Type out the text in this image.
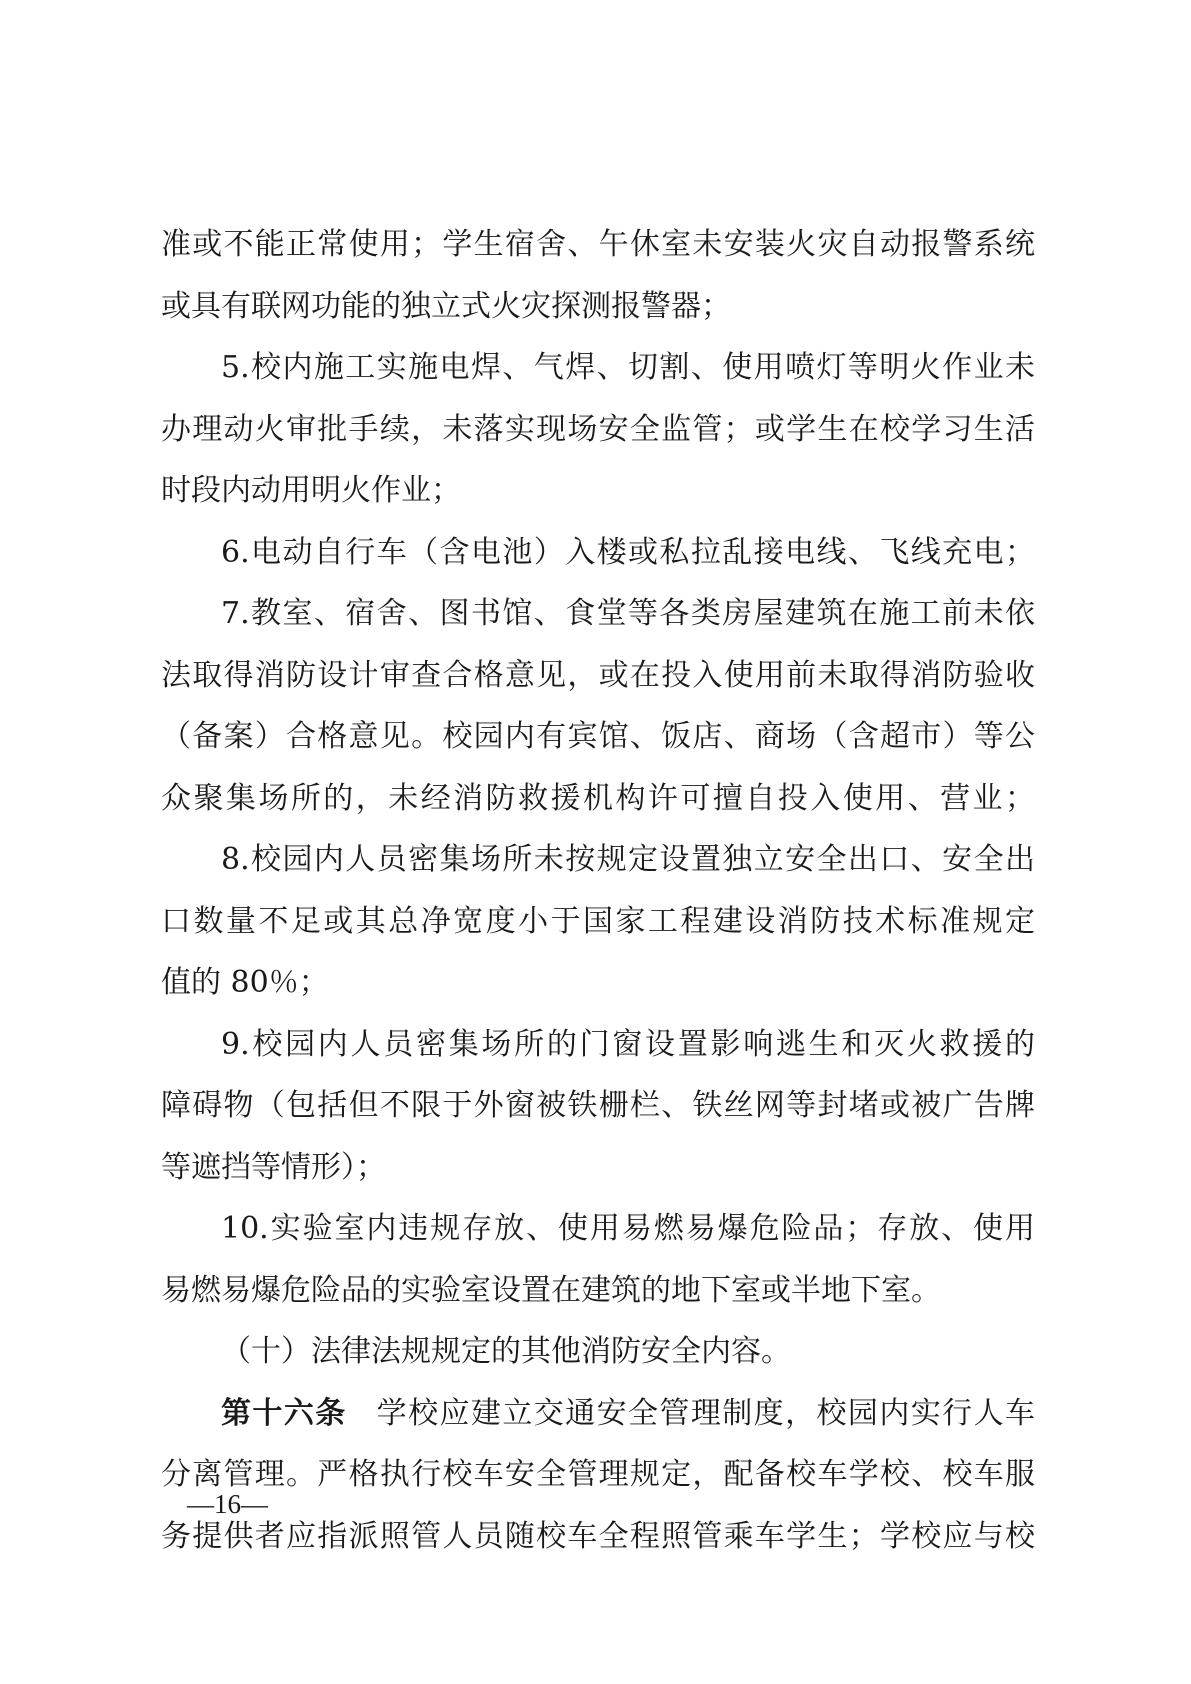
准或不能正常使用；学生宿舍、午休室未安装火灾自动报警系统
或具有联网功能的独立式火灾探测报警器；
5.校内施工实施电焊、气焊、切割、使用喷灯等明火作业未
办理动火审批手续，未落实现场安全监管；或学生在校学习生活
时段内动用明火作业；
6.电动自行车（含电池）入楼或私拉乱接电线、飞线充电；
7.教室、宿舍、图书馆、食堂等各类房屋建筑在施工前未依
法取得消防设计审查合格意见，或在投入使用前未取得消防验收
（备案）合格意见。校园内有宾馆、饭店、商场（含超市）等公
众聚集场所的，未经消防救援机构许可擅自投入使用、营业；
8.校园内人员密集场所未按规定设置独立安全出口、安全出
口数量不足或其总净宽度小于国家工程建设消防技术标准规定
值的 80％；
9.校园内人员密集场所的门窗设置影响逃生和灭火救援的
障碍物（包括但不限于外窗被铁栅栏、铁丝网等封堵或被广告牌
等遮挡等情形）；
10.实验室内违规存放、使用易燃易爆危险品；存放、使用
易燃易爆危险品的实验室设置在建筑的地下室或半地下室。
（十）法律法规规定的其他消防安全内容。
第十六条 学校应建立交通安全管理制度，校园内实行人车
分离管理。严格执行校车安全管理规定，配备校车学校、校车服
务提供者应指派照管人员随校车全程照管乘车学生；学校应与校
—16—
